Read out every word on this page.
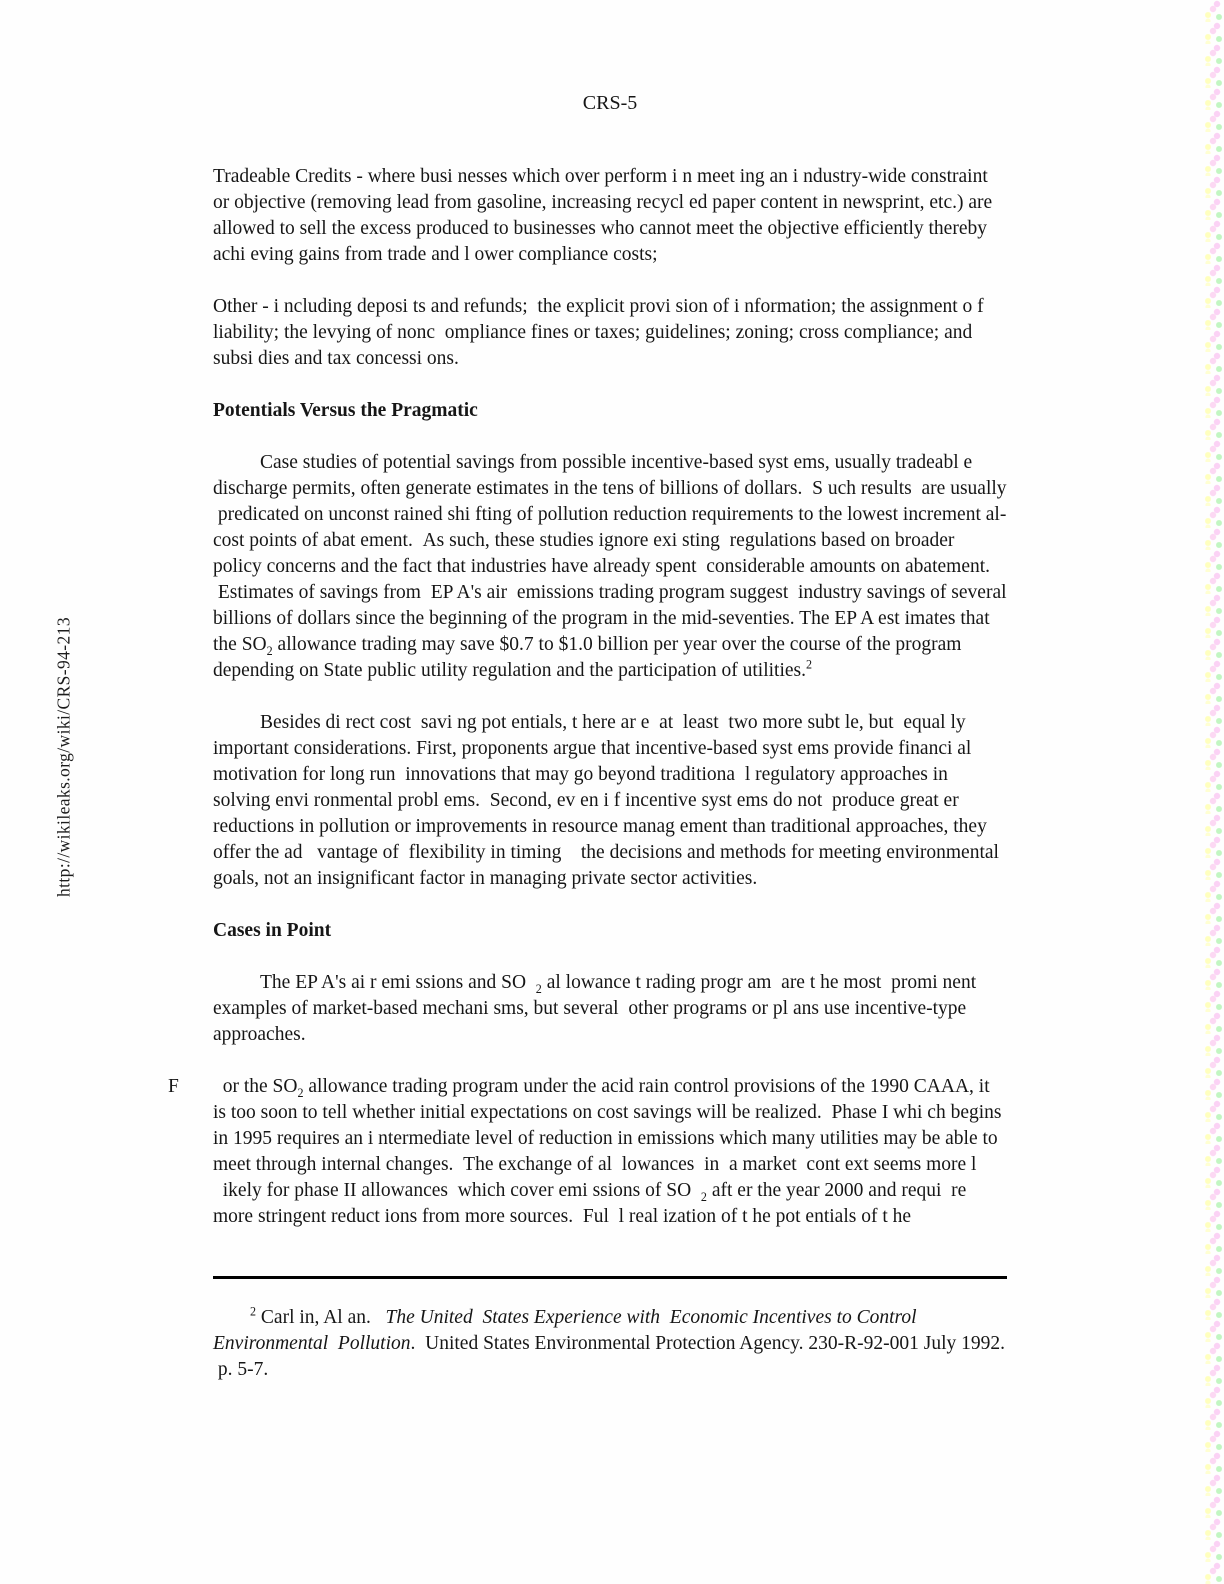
http://wikileaks.org/wiki/CRS-94-213
CRS-5

Tradeable Credits - where busi nesses which over perform i n meet ing an i ndustry-wide constraint or objective (removing lead from gasoline, increasing recycl ed paper content in newsprint, etc.) are allowed to sell the excess produced to businesses who cannot meet the objective efficiently thereby achi eving gains from trade and l ower compliance costs;

Other - i ncluding deposi ts and refunds;  the explicit provi sion of i nformation; the assignment o f liability; the levying of nonc  ompliance fines or taxes; guidelines; zoning; cross compliance; and subsi dies and tax concessi ons.

Potentials Versus the Pragmatic

Case studies of potential savings from possible incentive-based syst ems, usually tradeabl e discharge permits, often generate estimates in the tens of billions of dollars.  S uch results  are usually  predicated on unconst rained shi fting of pollution reduction requirements to the lowest increment al-cost points of abat ement.  As such, these studies ignore exi sting  regulations based on broader policy concerns and the fact that industries have already spent  considerable amounts on abatement.  Estimates of savings from  EP A's air  emissions trading program suggest  industry savings of several billions of dollars since the beginning of the program in the mid-seventies. The EP A est imates that the $SO_2$ allowance trading may save $0.7 to $1.0 billion per year over the course of the program depending on State public utility regulation and the participation of utilities.$^2$

Besides di rect cost  savi ng pot entials, t here ar e  at  least  two more subt le, but  equal ly important considerations. First, proponents argue that incentive-based syst ems provide financi al motivation for long run  innovations that may go beyond traditiona  l regulatory approaches in solving envi ronmental probl ems.  Second, ev en i f incentive syst ems do not  produce great er reductions in pollution or improvements in resource manag ement than traditional approaches, they offer the ad   vantage of  flexibility in timing    the decisions and methods for meeting environmental goals, not an insignificant factor in managing private sector activities.

Cases in Point

The EP A's ai r emi ssions and SO  $_2$ al lowance t rading progr am  are t he most  promi nent examples of market-based mechani sms, but several  other programs or pl ans use incentive-type approaches.

F         or the $SO_2$ allowance trading program under the acid rain control provisions of the 1990 CAAA, it is too soon to tell whether initial expectations on cost savings will be realized.  Phase I whi ch begins in 1995 requires an i ntermediate level of reduction in emissions which many utilities may be able to meet through internal changes.  The exchange of al  lowances  in  a market  cont ext seems more l   ikely for phase II allowances  which cover emi ssions of SO  $_2$ aft er the year 2000 and requi  re more stringent reduct ions from more sources.  Ful  l real ization of t he pot entials of t he

$^2$ Carl in, Al an.   The United  States Experience with  Economic Incentives to Control Environmental  Pollution.  United States Environmental Protection Agency. 230-R-92-001 July 1992.  p. 5-7.
